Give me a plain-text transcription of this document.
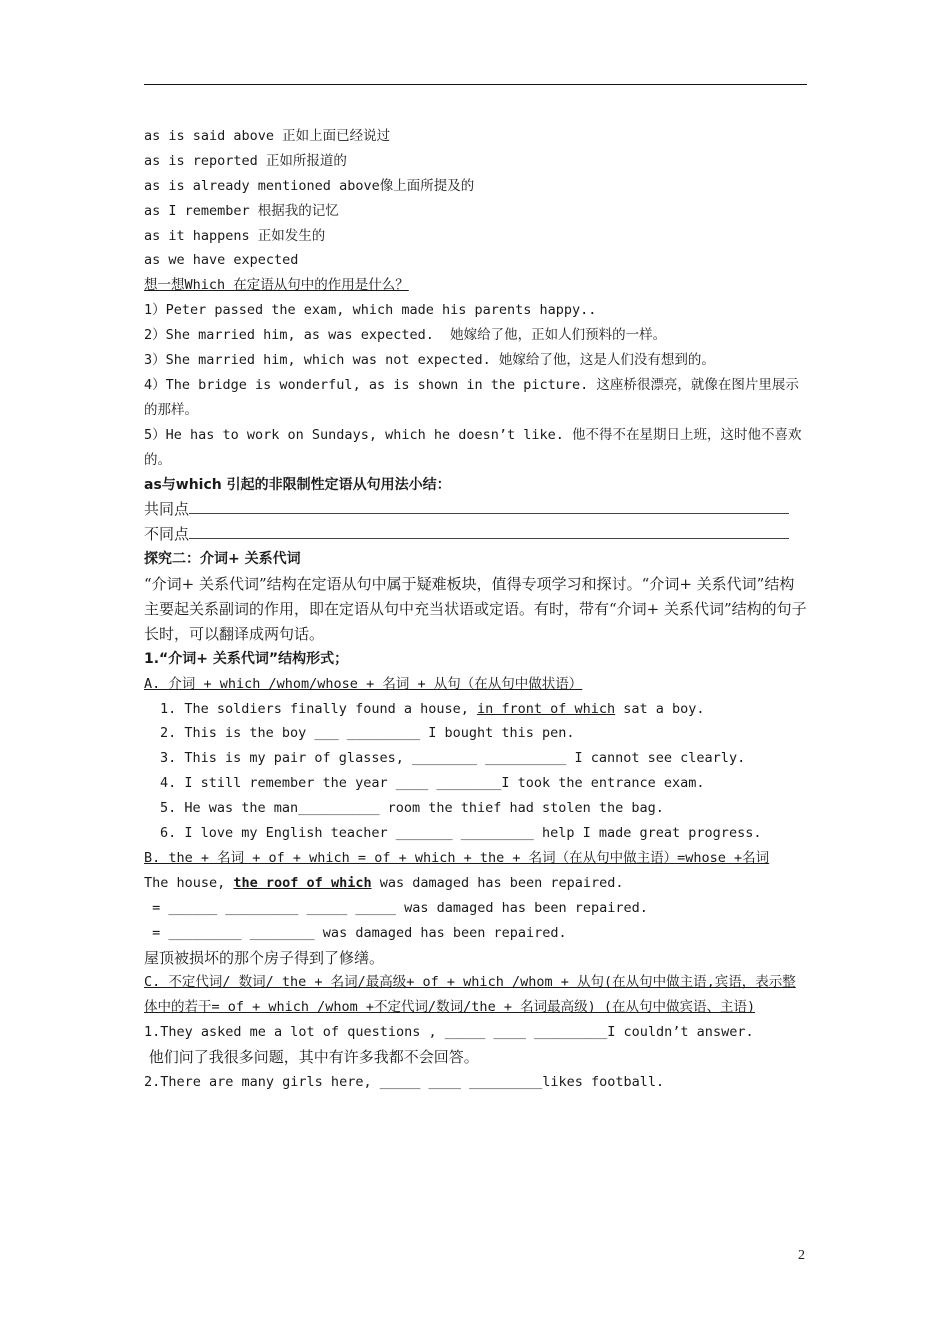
as is said above 正如上面已经说过
as is reported 正如所报道的
as is already mentioned above像上面所提及的
as I remember 根据我的记忆
as it happens 正如发生的
as we have expected
想一想Which 在定语从句中的作用是什么？
1）Peter passed the exam, which made his parents happy..
2）She married him, as was expected.  她嫁给了他，正如人们预料的一样。
3）She married him, which was not expected. 她嫁给了他，这是人们没有想到的。
4）The bridge is wonderful, as is shown in the picture. 这座桥很漂亮，就像在图片里展示的那样。
5）He has to work on Sundays, which he doesn’t like. 他不得不在星期日上班，这时他不喜欢的。
as与which 引起的非限制性定语从句用法小结：
共同点
不同点
探究二：介词+ 关系代词
“介词+ 关系代词”结构在定语从句中属于疑难板块，值得专项学习和探讨。“介词+ 关系代词”结构主要起关系副词的作用，即在定语从句中充当状语或定语。有时，带有“介词+ 关系代词”结构的句子长时，可以翻译成两句话。
1.“介词+ 关系代词”结构形式；
A. 介词 + which /whom/whose + 名词 + 从句（在从句中做状语）
1. The soldiers finally found a house, in front of which sat a boy.
2. This is the boy ___ _________ I bought this pen.
3. This is my pair of glasses, ________ __________ I cannot see clearly.
4. I still remember the year ____ ________I took the entrance exam.
5. He was the man__________ room the thief had stolen the bag.
6. I love my English teacher _______ _________ help I made great progress.
B. the + 名词 + of + which = of + which + the + 名词（在从句中做主语）=whose +名词
The house, the roof of which was damaged has been repaired.
= ______ _________ _____ _____ was damaged has been repaired.
= _________ ________ was damaged has been repaired.
屋顶被损坏的那个房子得到了修缮。
C. 不定代词/ 数词/ the + 名词/最高级+ of + which /whom + 从句(在从句中做主语,宾语，表示整体中的若干= of + which /whom +不定代词/数词/the + 名词最高级) (在从句中做宾语、主语)
1.They asked me a lot of questions , _____ ____ _________I couldn’t answer.
他们问了我很多问题，其中有许多我都不会回答。
2.There are many girls here, _____ ____ _________likes football.
2
